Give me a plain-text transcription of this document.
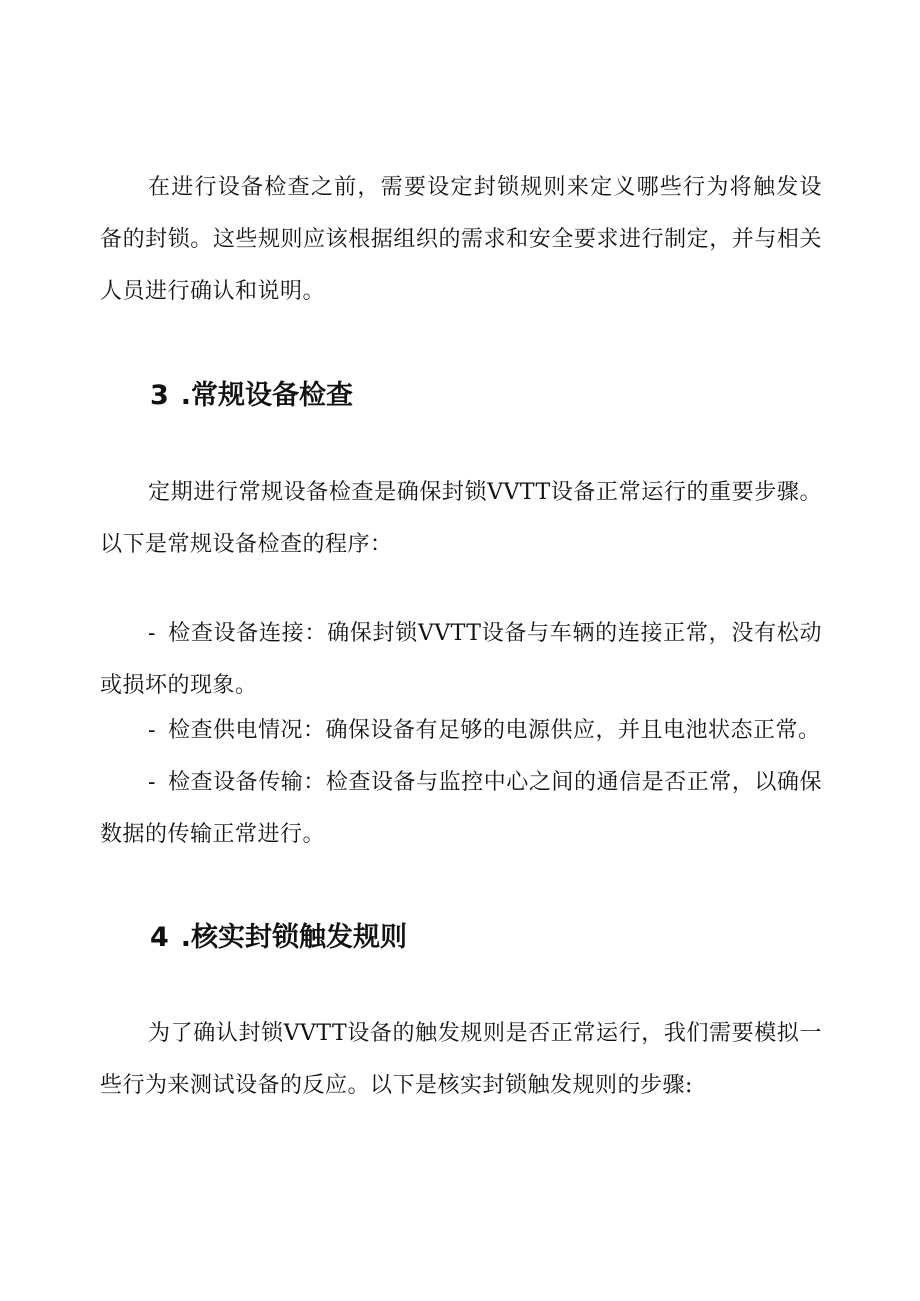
在进行设备检查之前，需要设定封锁规则来定义哪些行为将触发设备的封锁。这些规则应该根据组织的需求和安全要求进行制定，并与相关人员进行确认和说明。

3 .常规设备检查

定期进行常规设备检查是确保封锁VVTT设备正常运行的重要步骤。以下是常规设备检查的程序：

- 检查设备连接：确保封锁VVTT设备与车辆的连接正常，没有松动或损坏的现象。

- 检查供电情况：确保设备有足够的电源供应，并且电池状态正常。

- 检查设备传输：检查设备与监控中心之间的通信是否正常，以确保数据的传输正常进行。

4 .核实封锁触发规则

为了确认封锁VVTT设备的触发规则是否正常运行，我们需要模拟一些行为来测试设备的反应。以下是核实封锁触发规则的步骤:
